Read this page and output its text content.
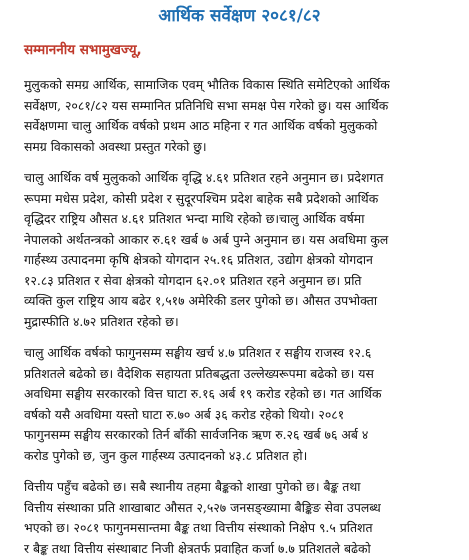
आर्थिक सर्वेक्षण २०८१/८२
सम्माननीय सभामुखज्यू,
मुलुकको समग्र आर्थिक, सामाजिक एवम् भौतिक विकास स्थिति समेटिएको आर्थिक
सर्वेक्षण, २०८१/८२ यस सम्मानित प्रतिनिधि सभा समक्ष पेस गरेको छु। यस आर्थिक
सर्वेक्षणमा चालु आर्थिक वर्षको प्रथम आठ महिना र गत आर्थिक वर्षको मुलुकको
समग्र विकासको अवस्था प्रस्तुत गरेको छु।
चालु आर्थिक वर्ष मुलुकको आर्थिक वृद्धि ४.६१ प्रतिशत रहने अनुमान छ। प्रदेशगत
रूपमा मधेस प्रदेश, कोसी प्रदेश र सुदूरपश्चिम प्रदेश बाहेक सबै प्रदेशको आर्थिक
वृद्धिदर राष्ट्रिय औसत ४.६१ प्रतिशत भन्दा माथि रहेको छ।चालु आर्थिक वर्षमा
नेपालको अर्थतन्त्रको आकार रु.६१ खर्ब ७ अर्ब पुग्ने अनुमान छ। यस अवधिमा कुल
गार्हस्थ्य उत्पादनमा कृषि क्षेत्रको योगदान २५.१६ प्रतिशत, उद्योग क्षेत्रको योगदान
१२.८३ प्रतिशत र सेवा क्षेत्रको योगदान ६२.०१ प्रतिशत रहने अनुमान छ। प्रति
व्यक्ति कुल राष्ट्रिय आय बढेर १,५१७ अमेरिकी डलर पुगेको छ। औसत उपभोक्ता
मुद्रास्फीति ४.७२ प्रतिशत रहेको छ।
चालु आर्थिक वर्षको फागुनसम्म सङ्घीय खर्च ४.७ प्रतिशत र सङ्घीय राजस्व १२.६
प्रतिशतले बढेको छ। वैदेशिक सहायता प्रतिबद्धता उल्लेख्यरूपमा बढेको छ। यस
अवधिमा सङ्घीय सरकारको वित्त घाटा रु.१६ अर्ब १९ करोड रहेको छ। गत आर्थिक
वर्षको यसै अवधिमा यस्तो घाटा रु.७० अर्ब ३६ करोड रहेको थियो। २०८१
फागुनसम्म सङ्घीय सरकारको तिर्न बाँकी सार्वजनिक ऋण रु.२६ खर्ब ७६ अर्ब ४
करोड पुगेको छ, जुन कुल गार्हस्थ्य उत्पादनको ४३.८ प्रतिशत हो।
वित्तीय पहुँच बढेको छ। सबै स्थानीय तहमा बैङ्कको शाखा पुगेको छ। बैङ्क तथा
वित्तीय संस्थाका प्रति शाखाबाट औसत २,५२७ जनसङ्ख्यामा बैङ्किङ सेवा उपलब्ध
भएको छ। २०८१ फागुनमसान्तमा बैङ्क तथा वित्तीय संस्थाको निक्षेप ९.५ प्रतिशत
र बैङ्क तथा वित्तीय संस्थाबाट निजी क्षेत्रतर्फ प्रवाहित कर्जा ७.७ प्रतिशतले बढेको
